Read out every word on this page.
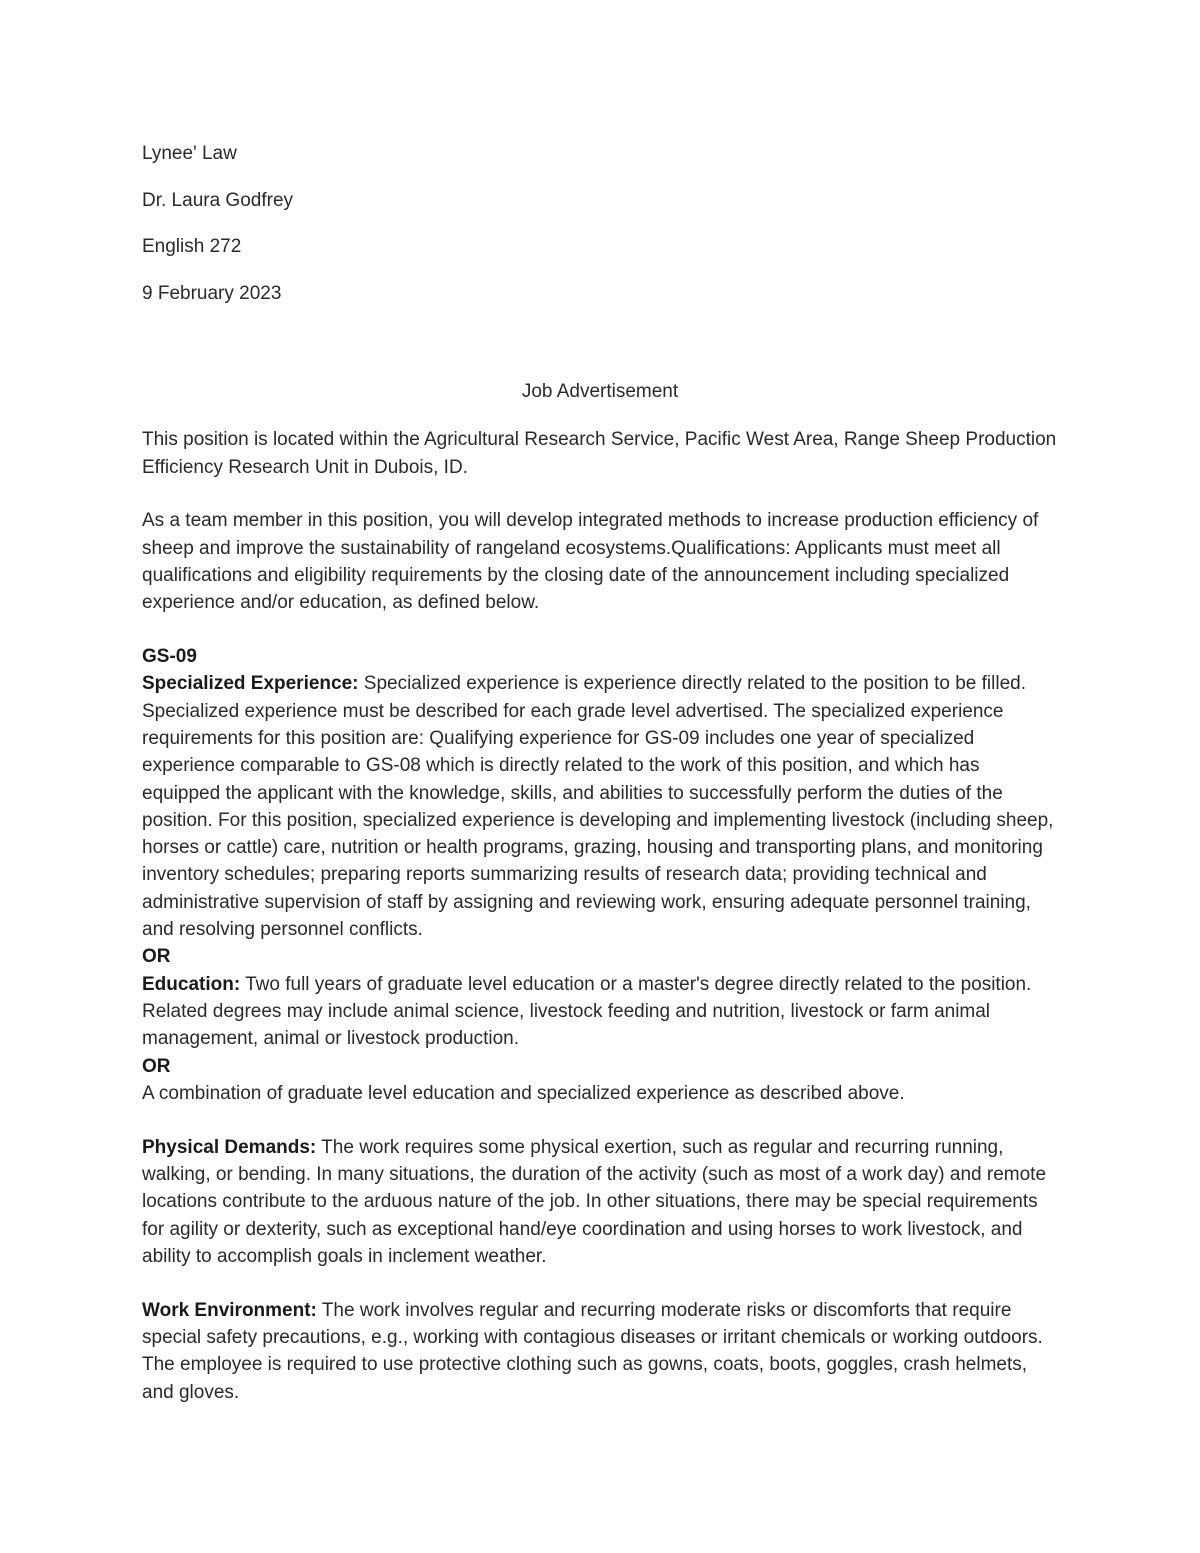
Lynee' Law

Dr. Laura Godfrey

English 272

9 February 2023

Job Advertisement

This position is located within the Agricultural Research Service, Pacific West Area, Range Sheep Production Efficiency Research Unit in Dubois, ID.

As a team member in this position, you will develop integrated methods to increase production efficiency of sheep and improve the sustainability of rangeland ecosystems.Qualifications: Applicants must meet all qualifications and eligibility requirements by the closing date of the announcement including specialized experience and/or education, as defined below.

GS-09

Specialized Experience: Specialized experience is experience directly related to the position to be filled. Specialized experience must be described for each grade level advertised. The specialized experience requirements for this position are: Qualifying experience for GS-09 includes one year of specialized experience comparable to GS-08 which is directly related to the work of this position, and which has equipped the applicant with the knowledge, skills, and abilities to successfully perform the duties of the position. For this position, specialized experience is developing and implementing livestock (including sheep, horses or cattle) care, nutrition or health programs, grazing, housing and transporting plans, and monitoring inventory schedules; preparing reports summarizing results of research data; providing technical and administrative supervision of staff by assigning and reviewing work, ensuring adequate personnel training, and resolving personnel conflicts.

OR

Education: Two full years of graduate level education or a master's degree directly related to the position. Related degrees may include animal science, livestock feeding and nutrition, livestock or farm animal management, animal or livestock production.

OR

A combination of graduate level education and specialized experience as described above.

Physical Demands: The work requires some physical exertion, such as regular and recurring running, walking, or bending. In many situations, the duration of the activity (such as most of a work day) and remote locations contribute to the arduous nature of the job. In other situations, there may be special requirements for agility or dexterity, such as exceptional hand/eye coordination and using horses to work livestock, and ability to accomplish goals in inclement weather.

Work Environment: The work involves regular and recurring moderate risks or discomforts that require special safety precautions, e.g., working with contagious diseases or irritant chemicals or working outdoors. The employee is required to use protective clothing such as gowns, coats, boots, goggles, crash helmets, and gloves.
